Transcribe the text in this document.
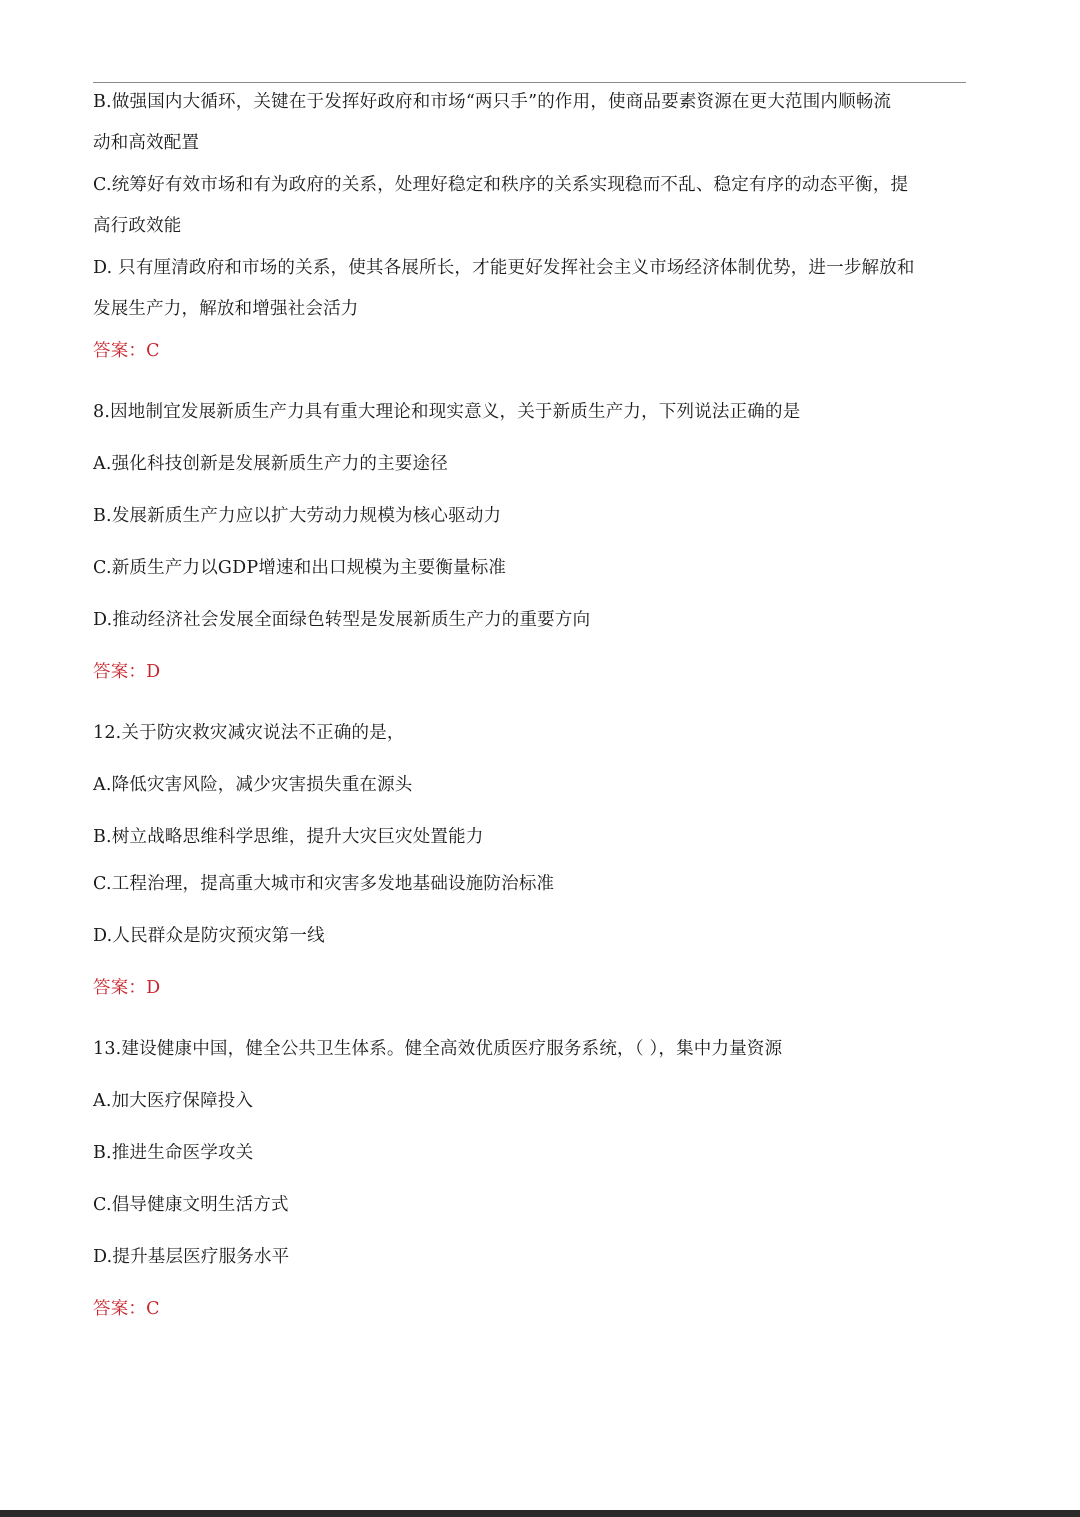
B.做强国内大循环，关键在于发挥好政府和市场“两只手”的作用，使商品要素资源在更大范围内顺畅流
动和高效配置
C.统筹好有效市场和有为政府的关系，处理好稳定和秩序的关系实现稳而不乱、稳定有序的动态平衡，提
高行政效能
D. 只有厘清政府和市场的关系，使其各展所长，才能更好发挥社会主义市场经济体制优势，进一步解放和
发展生产力，解放和增强社会活力
答案：C
8.因地制宜发展新质生产力具有重大理论和现实意义，关于新质生产力，下列说法正确的是
A.强化科技创新是发展新质生产力的主要途径
B.发展新质生产力应以扩大劳动力规模为核心驱动力
C.新质生产力以GDP增速和出口规模为主要衡量标准
D.推动经济社会发展全面绿色转型是发展新质生产力的重要方向
答案：D
12.关于防灾救灾减灾说法不正确的是，
A.降低灾害风险，减少灾害损失重在源头
B.树立战略思维科学思维，提升大灾巨灾处置能力
C.工程治理，提高重大城市和灾害多发地基础设施防治标准
D.人民群众是防灾预灾第一线
答案：D
13.建设健康中国，健全公共卫生体系。健全高效优质医疗服务系统，（ ），集中力量资源
A.加大医疗保障投入
B.推进生命医学攻关
C.倡导健康文明生活方式
D.提升基层医疗服务水平
答案：C
